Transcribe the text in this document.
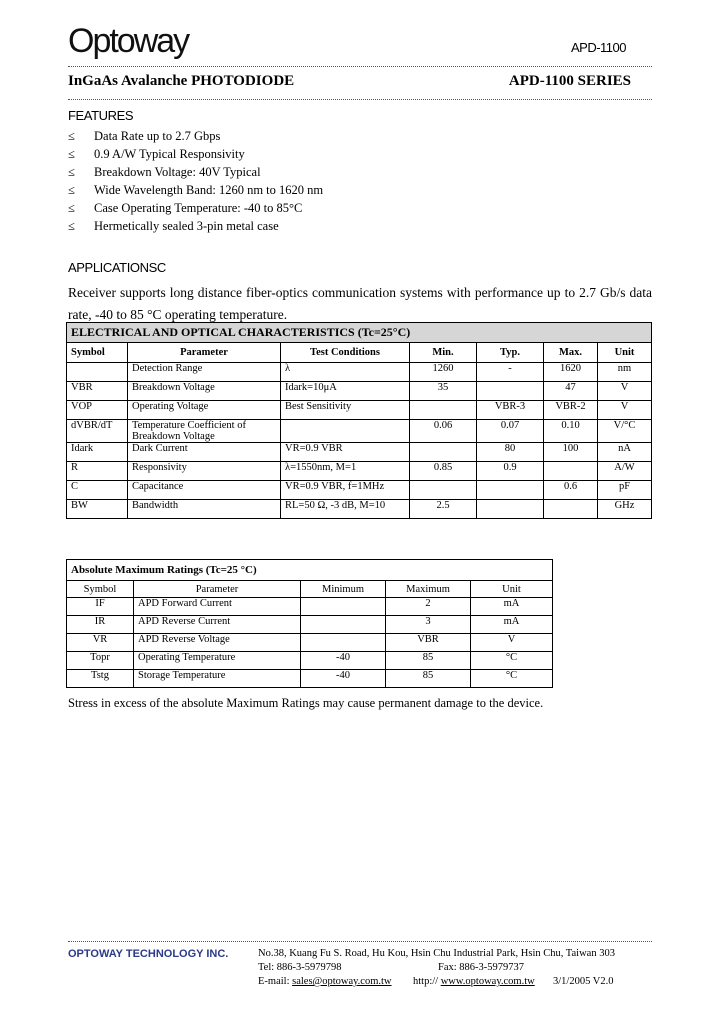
Optoway	APD-1100
InGaAs Avalanche PHOTODIODE	APD-1100 SERIES
FEATURES
≤ Data Rate up to 2.7 Gbps
≤ 0.9 A/W Typical Responsivity
≤ Breakdown Voltage: 40V Typical
≤ Wide Wavelength Band: 1260 nm to 1620 nm
≤ Case Operating Temperature: -40 to 85°C
≤ Hermetically sealed 3-pin metal case
APPLICATIONSC
Receiver supports long distance fiber-optics communication systems with performance up to 2.7 Gb/s data rate, -40 to 85 °C operating temperature.
ELECTRICAL AND OPTICAL CHARACTERISTICS (Tc=25°C)						
Symbol	Parameter	Test Conditions	Min.	Typ.	Max.	Unit
	Detection Range	λ	1260	-	1620	nm
VBR	Breakdown Voltage	Idark=10μA	35		47	V
VOP	Operating Voltage	Best Sensitivity		VBR-3	VBR-2	V
dVBR/dT	Temperature Coefficient of Breakdown Voltage		0.06	0.07	0.10	V/°C
Idark	Dark Current	VR=0.9 VBR		80	100	nA
R	Responsivity	λ=1550nm, M=1	0.85	0.9		A/W
C	Capacitance	VR=0.9 VBR, f=1MHz			0.6	pF
BW	Bandwidth	RL=50 Ω, -3 dB, M=10	2.5			GHz
Absolute Maximum Ratings (Tc=25 °C)				
Symbol	Parameter	Minimum	Maximum	Unit
IF	APD Forward Current		2	mA
IR	APD Reverse Current		3	mA
VR	APD Reverse Voltage		VBR	V
Topr	Operating Temperature	-40	85	°C
Tstg	Storage Temperature	-40	85	°C
Stress in excess of the absolute Maximum Ratings may cause permanent damage to the device.
OPTOWAY TECHNOLOGY INC.	No.38, Kuang Fu S. Road, Hu Kou, Hsin Chu Industrial Park, Hsin Chu, Taiwan 303
Tel: 886-3-5979798	Fax: 886-3-5979737
E-mail: sales@optoway.com.tw http:// www.optoway.com.tw 3/1/2005 V2.0
